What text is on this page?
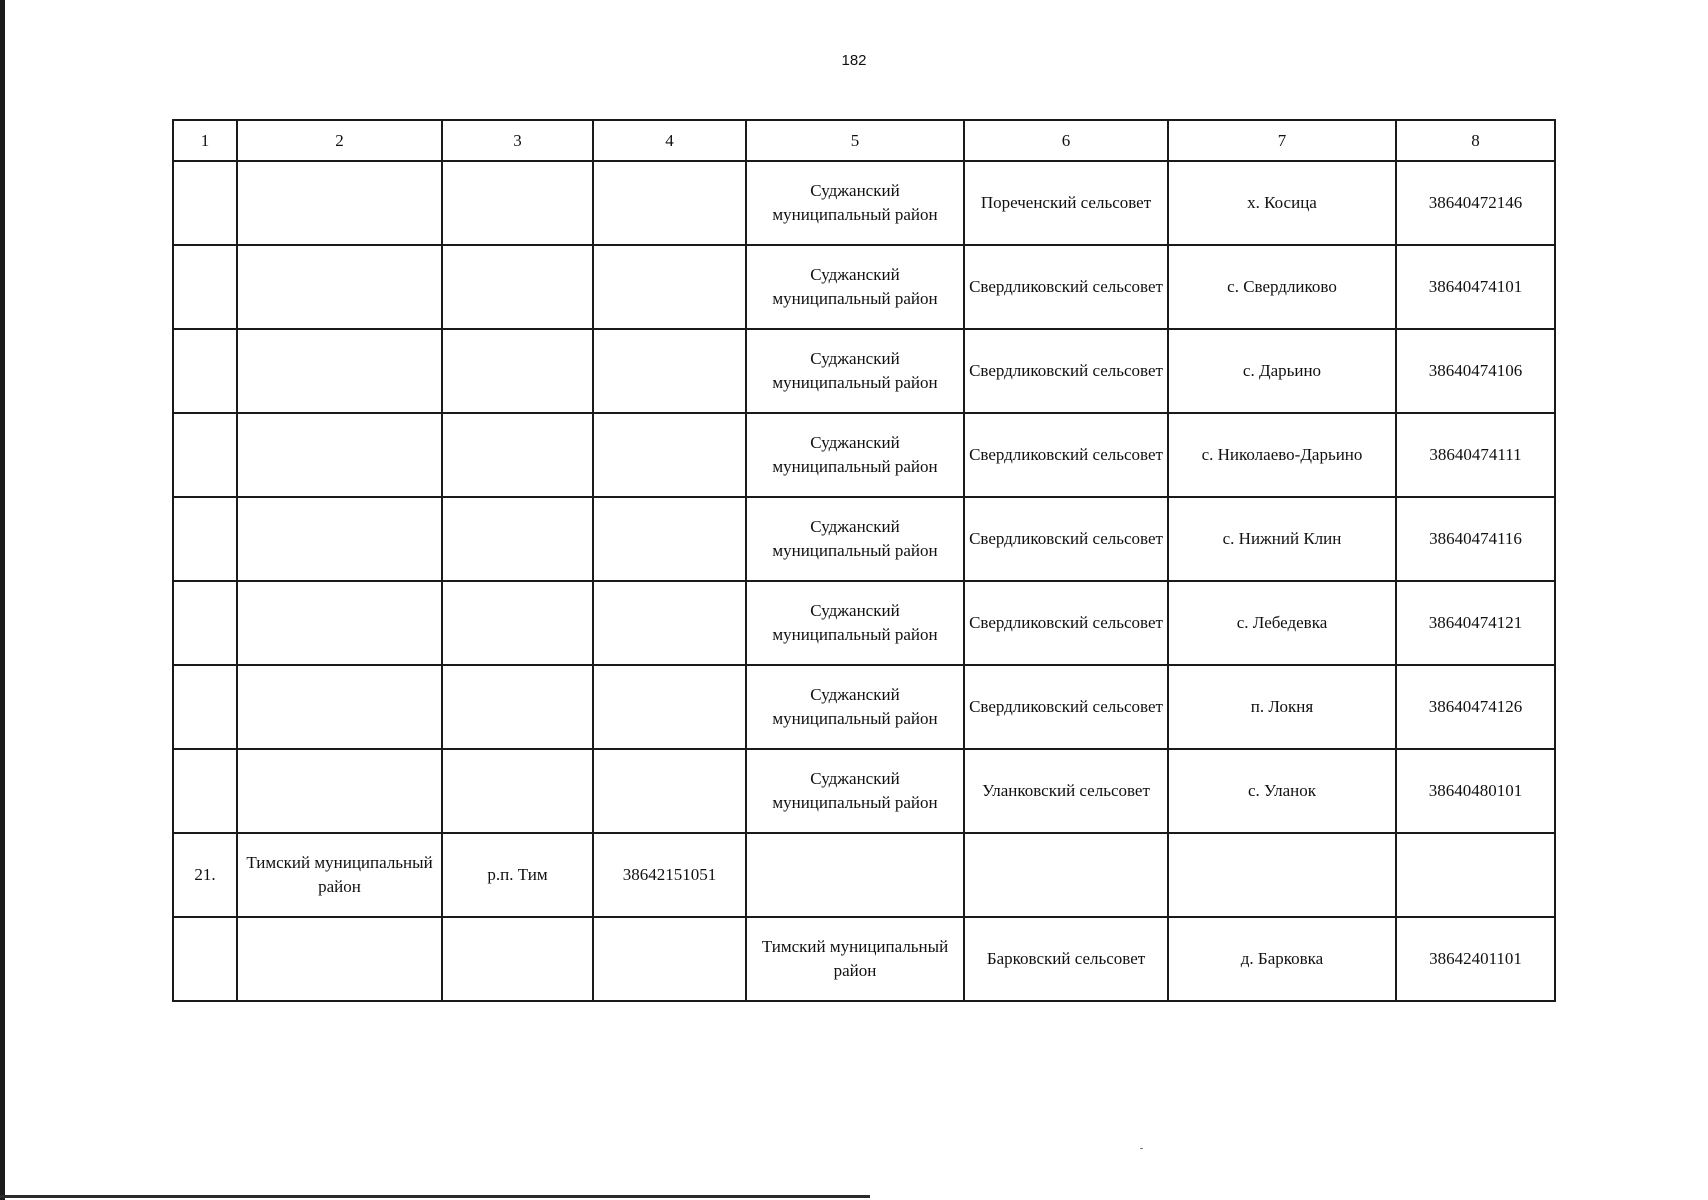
182
1	2	3	4	5	6	7	8
				Суджанский муниципальный район	Пореченский сельсовет	х. Косица	38640472146
				Суджанский муниципальный район	Свердликовский сельсовет	с. Свердликово	38640474101
				Суджанский муниципальный район	Свердликовский сельсовет	с. Дарьино	38640474106
				Суджанский муниципальный район	Свердликовский сельсовет	с. Николаево-Дарьино	38640474111
				Суджанский муниципальный район	Свердликовский сельсовет	с. Нижний Клин	38640474116
				Суджанский муниципальный район	Свердликовский сельсовет	с. Лебедевка	38640474121
				Суджанский муниципальный район	Свердликовский сельсовет	п. Локня	38640474126
				Суджанский муниципальный район	Уланковский сельсовет	с. Уланок	38640480101
21.	Тимский муниципальный район	р.п. Тим	38642151051				
				Тимский муниципальный район	Барковский сельсовет	д. Барковка	38642401101
